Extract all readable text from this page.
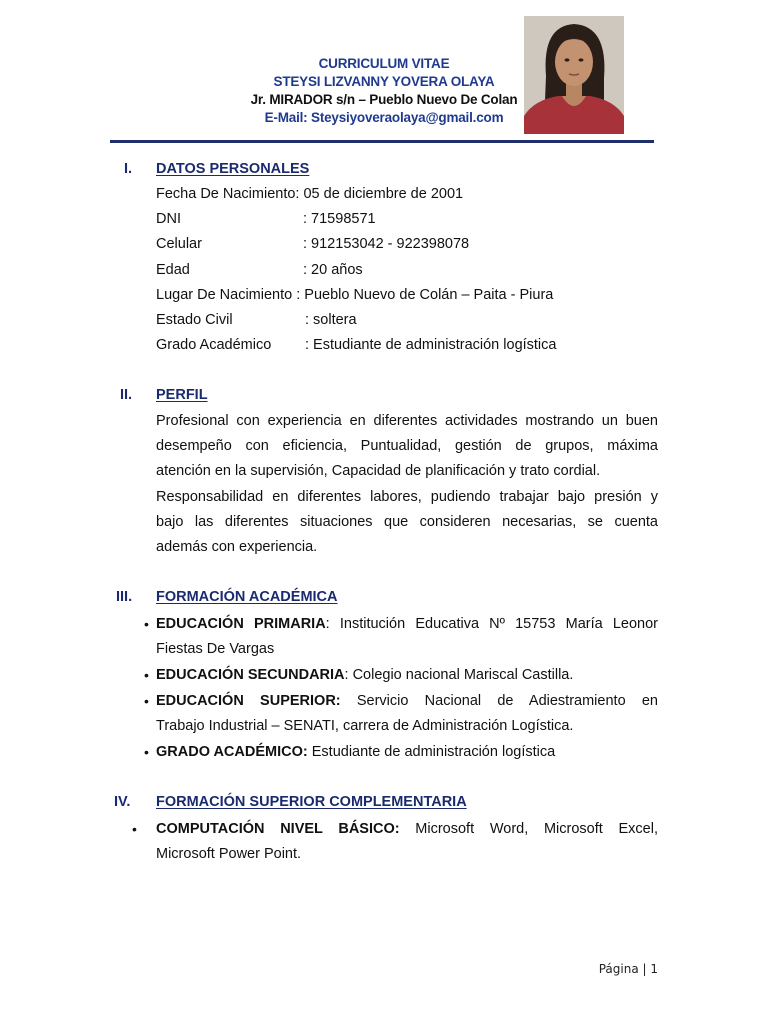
CURRICULUM VITAE
STEYSI LIZVANNY YOVERA OLAYA
Jr. MIRADOR s/n – Pueblo Nuevo De Colan
E-Mail: Steysiyoveraolaya@gmail.com
I. DATOS PERSONALES
Fecha De Nacimiento: 05 de diciembre de 2001
DNI	: 71598571
Celular	: 912153042 - 922398078
Edad	: 20 años
Lugar De Nacimiento : Pueblo Nuevo de Colán – Paita - Piura
Estado Civil	: soltera
Grado Académico : Estudiante de administración logística
II. PERFIL
Profesional con experiencia en diferentes actividades mostrando un buen
desempeño con eficiencia, Puntualidad, gestión de grupos, máxima
atención en la supervisión, Capacidad de planificación y trato cordial.
Responsabilidad en diferentes labores, pudiendo trabajar bajo presión y
bajo las diferentes situaciones que consideren necesarias, se cuenta
además con experiencia.
III. FORMACIÓN ACADÉMICA
• EDUCACIÓN PRIMARIA: Institución Educativa Nº 15753 María Leonor
Fiestas De Vargas
• EDUCACIÓN SECUNDARIA: Colegio nacional Mariscal Castilla.
• EDUCACIÓN SUPERIOR: Servicio Nacional de Adiestramiento en
Trabajo Industrial – SENATI, carrera de Administración Logística.
• GRADO ACADÉMICO: Estudiante de administración logística
IV. FORMACIÓN SUPERIOR COMPLEMENTARIA
• COMPUTACIÓN NIVEL BÁSICO: Microsoft Word, Microsoft Excel,
Microsoft Power Point.
Página | 1
